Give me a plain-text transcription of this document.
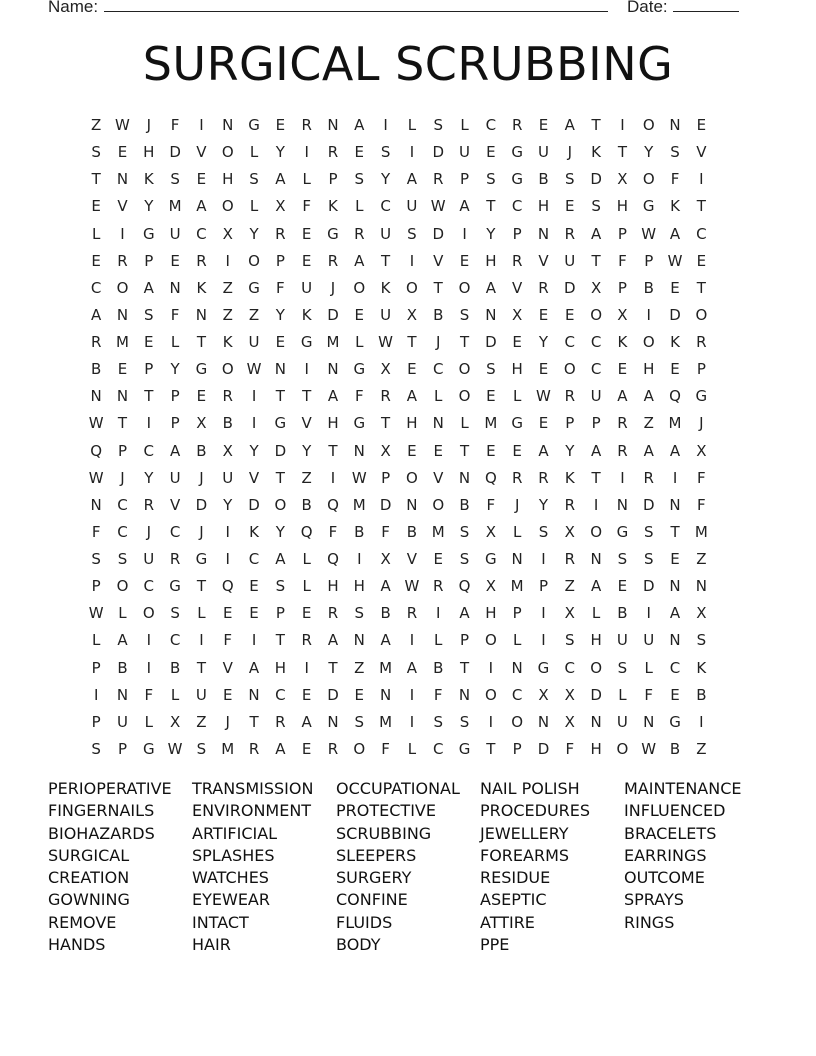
Name:	Date:
SURGICAL SCRUBBING
Z W	J	F	I	N G	E	R	N	A	I	L	S	L	C	R	E	A	T	I	O N	E
S	E	H D	V	O	L	Y	I	R	E	S	I	D	U	E	G	U	J	K	T	Y	S	V
T	N	K	S	E	H	S	A	L	P	S	Y	A	R	P	S	G	B	S	D	X	O	F	I
E	V	Y	M A	O	L	X	F	K	L	C	U W A	T	C	H	E	S	H G	K	T
L	I	G	U	C	X	Y	R	E	G	R	U	S	D	I	Y	P	N	R	A	P W A	C
E	R	P	E	R	I	O	P	E	R	A	T	I	V	E	H	R	V	U	T	F	P W E
C	O	A	N	K	Z	G	F	U	J	O	K	O	T	O	A	V	R	D	X	P	B	E	T
A	N	S	F	N	Z	Z	Y	K	D	E	U	X	B	S	N	X	E	E	O	X	I	D O
R M	E	L	T	K	U	E	G M	L W T	J	T	D	E	Y	C	C	K	O	K	R
B	E	P	Y	G O W N	I	N G	X	E	C	O	S	H	E	O	C	E	H	E	P
N	N	T	P	E	R	I	T	T	A	F	R	A	L	O	E	L W R	U	A	A	Q G
W T	I	P	X	B	I	G	V	H G	T	H	N	L	M G	E	P	P	R	Z M	J
Q	P	C	A	B	X	Y	D	Y	T	N	X	E	E	T	E	E	A	Y	A	R	A	A	X
W	J	Y	U	J	U	V	T	Z	I	W P	O	V	N Q	R	R	K	T	I	R	I	F
N	C	R	V	D	Y	D O	B	Q M D N O	B	F	J	Y	R	I	N D N	F
F	C	J	C	J	I	K	Y	Q	F	B	F	B M	S	X	L	S	X	O G	S	T	M
S	S	U	R	G	I	C	A	L	Q	I	X	V	E	S	G N	I	R	N	S	S	E	Z
P	O	C	G	T	Q	E	S	L	H	H	A W R	Q	X M	P	Z	A	E	D N	N
W L	O	S	L	E	E	P	E	R	S	B	R	I	A	H	P	I	X	L	B	I	A	X
L	A	I	C	I	F	I	T	R	A	N	A	I	L	P	O	L	I	S	H	U	U	N	S
P	B	I	B	T	V	A	H	I	T	Z M A	B	T	I	N G	C	O	S	L	C	K
I	N	F	L	U	E	N	C	E	D	E	N	I	F	N O	C	X	X	D	L	F	E	B
P	U	L	X	Z	J	T	R	A	N	S	M	I	S	S	I	O N	X	N	U	N G	I
S	P	G W S	M R	A	E	R	O	F	L	C	G	T	P	D	F	H O W B	Z
PERIOPERATIVE
FINGERNAILS
BIOHAZARDS
SURGICAL
CREATION
GOWNING
REMOVE
HANDS
TRANSMISSION
ENVIRONMENT
ARTIFICIAL
SPLASHES
WATCHES
EYEWEAR
INTACT
HAIR
OCCUPATIONAL
PROTECTIVE
SCRUBBING
SLEEPERS
SURGERY
CONFINE
FLUIDS
BODY
NAIL POLISH
PROCEDURES
JEWELLERY
FOREARMS
RESIDUE
ASEPTIC
ATTIRE
PPE
MAINTENANCE
INFLUENCED
BRACELETS
EARRINGS
OUTCOME
SPRAYS
RINGS
